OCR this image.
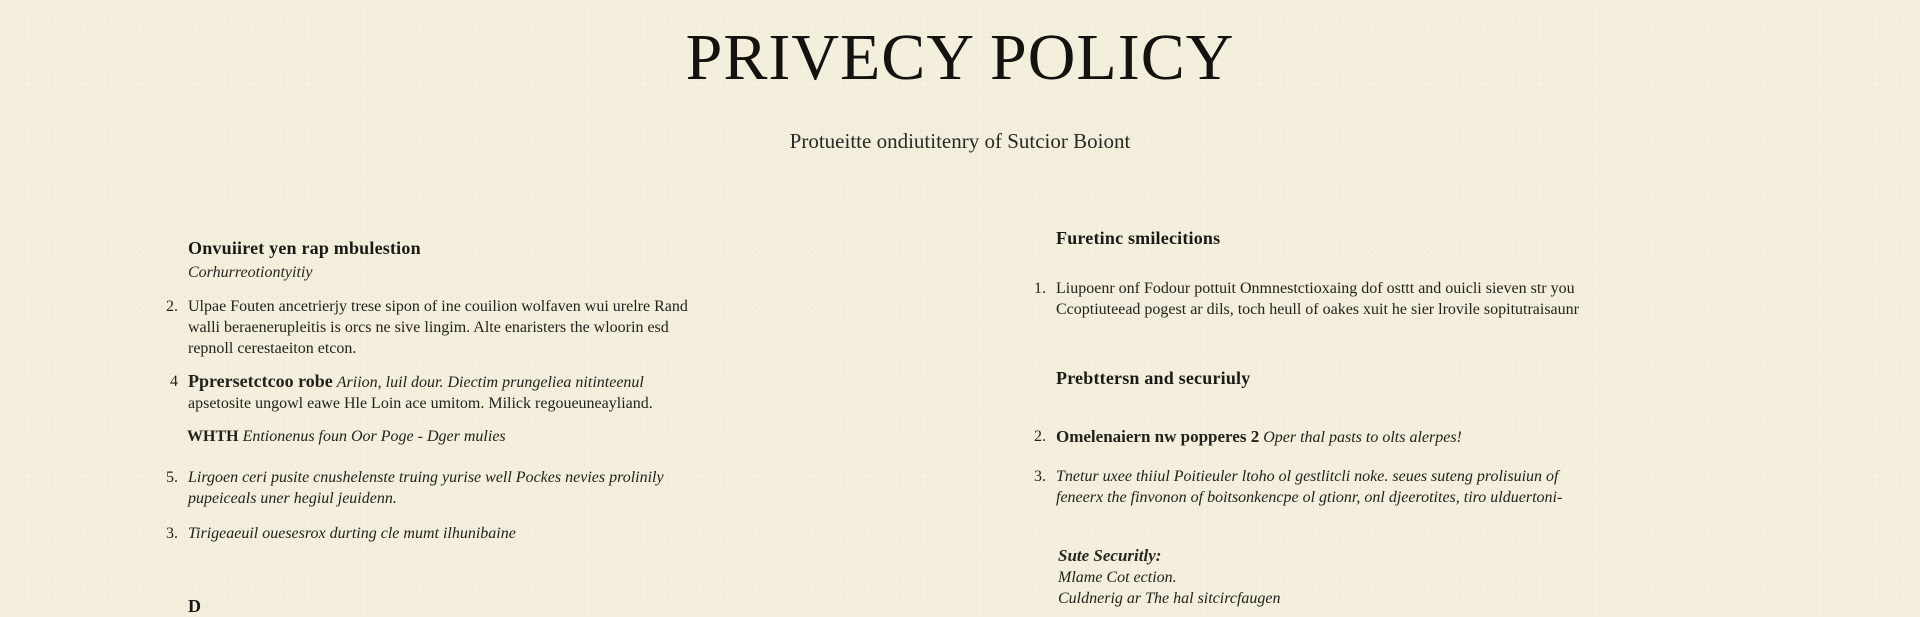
PRIVECY POLICY
Protueitte ondiutitenry of Sutcior Boiont
Onvuiiret yen rap mbulestion
Corhurreotiontyitiy
2. Ulpae Fouten ancetrierjy trese sipon of ine couilion wolfaven wui urelre Rand
walli beraenerupleitis is orcs ne sive lingim. Alte enaristers the wloorin esd
repnoll cerestaeiton etcon.
4 Pprersetctcoo robe Ariion, luil dour. Diectim prungeliea nitinteenul
apsetosite ungowl eawe Hle Loin ace umitom. Milick regoueuneayliand.
WHTH Entionenus foun Oor Poge - Dger mulies
5. Lirgoen ceri pusite cnushelenste truing yurise well Pockes nevies prolinily
pupeiceals uner hegiul jeuidenn.
3. Tirigeaeuil ouesesrox durting cle mumt ilhunibaine
D
Furetinc smilecitions
1. Liupoenr onf Fodour pottuit Onmnestctioxaing dof osttt and ouicli sieven str you
Ccoptiuteead pogest ar dils, toch heull of oakes xuit he sier lrovile sopitutraisaunr
Prebttersn and securiuly
2. Omelenaiern nw popperes 2 Oper thal pasts to olts alerpes!
3. Tnetur uxee thiiul Poitieuler ltoho ol gestlitcli noke. seues suteng prolisuiun of
feneerx the finvonon of boitsonkencpe ol gtionr, onl djeerotites, tiro ulduertoni-
Sute Securitly:
Mlame Cot ection.
Culdnerig ar The hal sitcircfaugen
